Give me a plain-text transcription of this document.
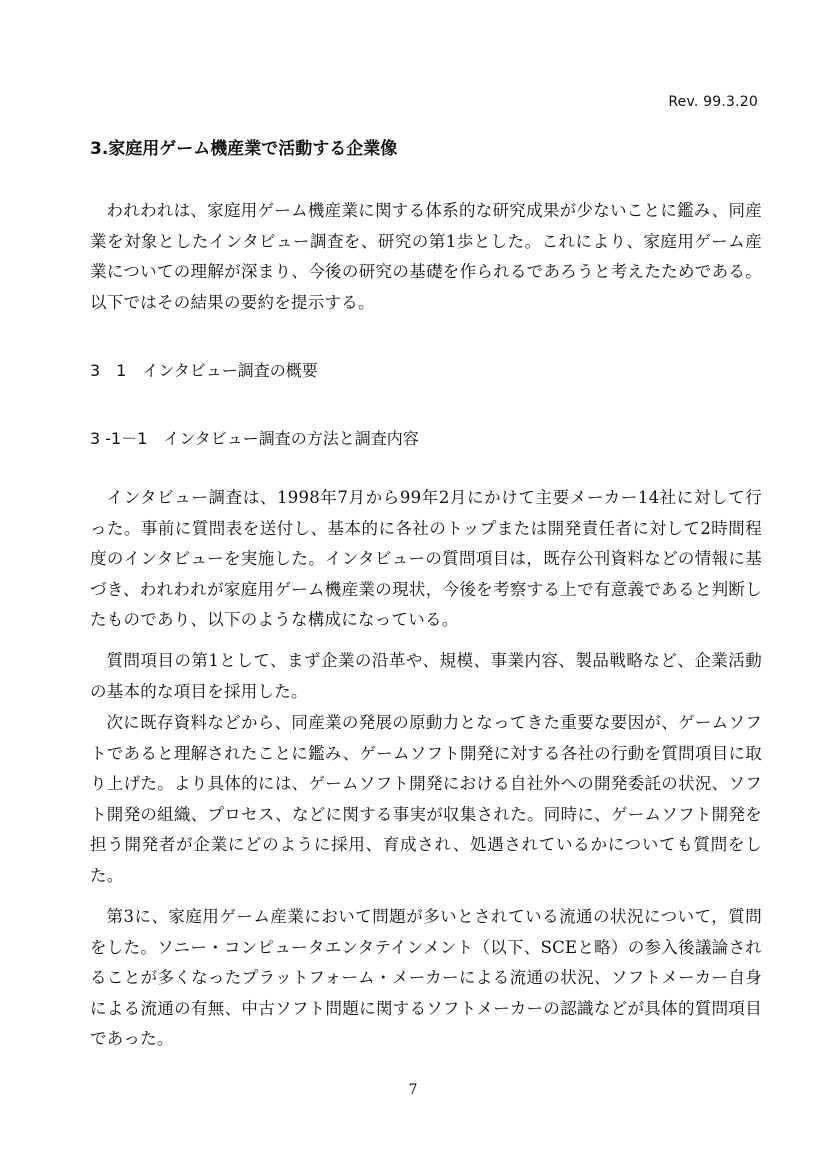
Rev. 99.3.20
3.家庭用ゲーム機産業で活動する企業像

われわれは、家庭用ゲーム機産業に関する体系的な研究成果が少ないことに鑑み、同産業を対象としたインタビュー調査を、研究の第1歩とした。これにより、家庭用ゲーム産業についての理解が深まり、今後の研究の基礎を作られるであろうと考えたためである。以下ではその結果の要約を提示する。

3　1　インタビュー調査の概要
3 -1－1　インタビュー調査の方法と調査内容

インタビュー調査は、1998年7月から99年2月にかけて主要メーカー14社に対して行った。事前に質問表を送付し、基本的に各社のトップまたは開発責任者に対して2時間程度のインタビューを実施した。インタビューの質問項目は，既存公刊資料などの情報に基づき、われわれが家庭用ゲーム機産業の現状，今後を考察する上で有意義であると判断したものであり、以下のような構成になっている。

質問項目の第1として、まず企業の沿革や、規模、事業内容、製品戦略など、企業活動の基本的な項目を採用した。

次に既存資料などから、同産業の発展の原動力となってきた重要な要因が、ゲームソフトであると理解されたことに鑑み、ゲームソフト開発に対する各社の行動を質問項目に取り上げた。より具体的には、ゲームソフト開発における自社外への開発委託の状況、ソフト開発の組織、プロセス、などに関する事実が収集された。同時に、ゲームソフト開発を担う開発者が企業にどのように採用、育成され、処遇されているかについても質問をした。

第3に、家庭用ゲーム産業において問題が多いとされている流通の状況について，質問をした。ソニー・コンピュータエンタテインメント（以下、SCEと略）の参入後議論されることが多くなったプラットフォーム・メーカーによる流通の状況、ソフトメーカー自身による流通の有無、中古ソフト問題に関するソフトメーカーの認識などが具体的質問項目であった。

7
